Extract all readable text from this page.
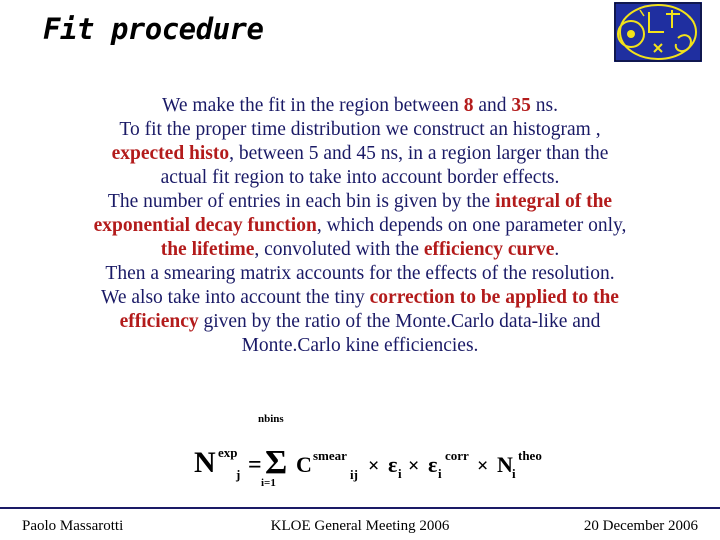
Fit procedure
We make the fit in the region between 8 and 35 ns.
To fit the proper time distribution we construct an histogram ,
expected histo, between 5 and 45 ns, in a region larger than the
actual fit region to take into account border effects.
The number of entries in each bin is given by the integral of the
exponential decay function, which depends on one parameter only,
the lifetime, convoluted with the efficiency curve.
Then a smearing matrix accounts for the effects of the resolution.
We also take into account the tiny correction to be applied to the
efficiency given by the ratio of the Monte.Carlo data-like and
Monte.Carlo kine efficiencies.
N exp
j =
nbins
Σ
i=1
C smear
ij × ε i × ε i
corr × N i
theo
Paolo Massarotti	KLOE General Meeting 2006	20 December 2006
